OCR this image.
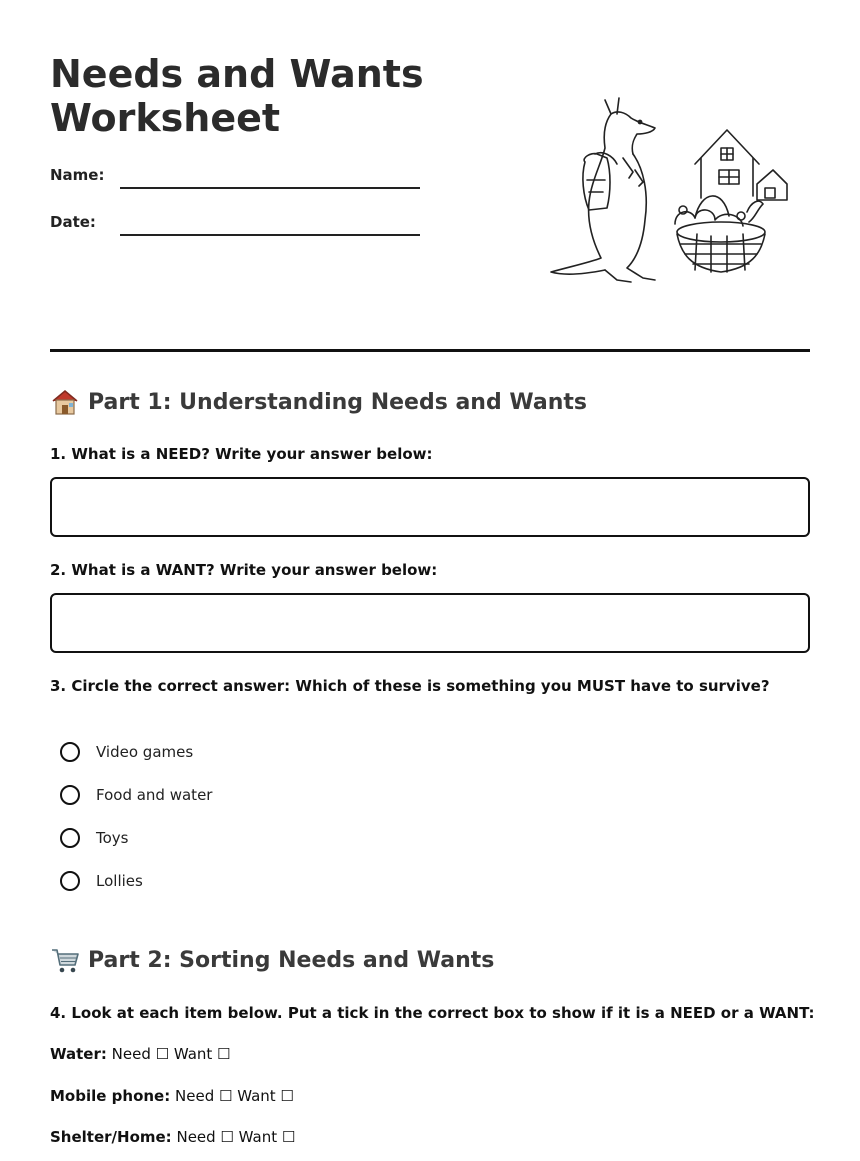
Needs and Wants Worksheet
Name:
Date:
Part 1: Understanding Needs and Wants

1. What is a NEED? Write your answer below:

2. What is a WANT? Write your answer below:

3. Circle the correct answer: Which of these is something you MUST have to survive?

Video games
Food and water
Toys
Lollies
Part 2: Sorting Needs and Wants

4. Look at each item below. Put a tick in the correct box to show if it is a NEED or a WANT:

Water: Need ☐ Want ☐
Mobile phone: Need ☐ Want ☐
Shelter/Home: Need ☐ Want ☐
